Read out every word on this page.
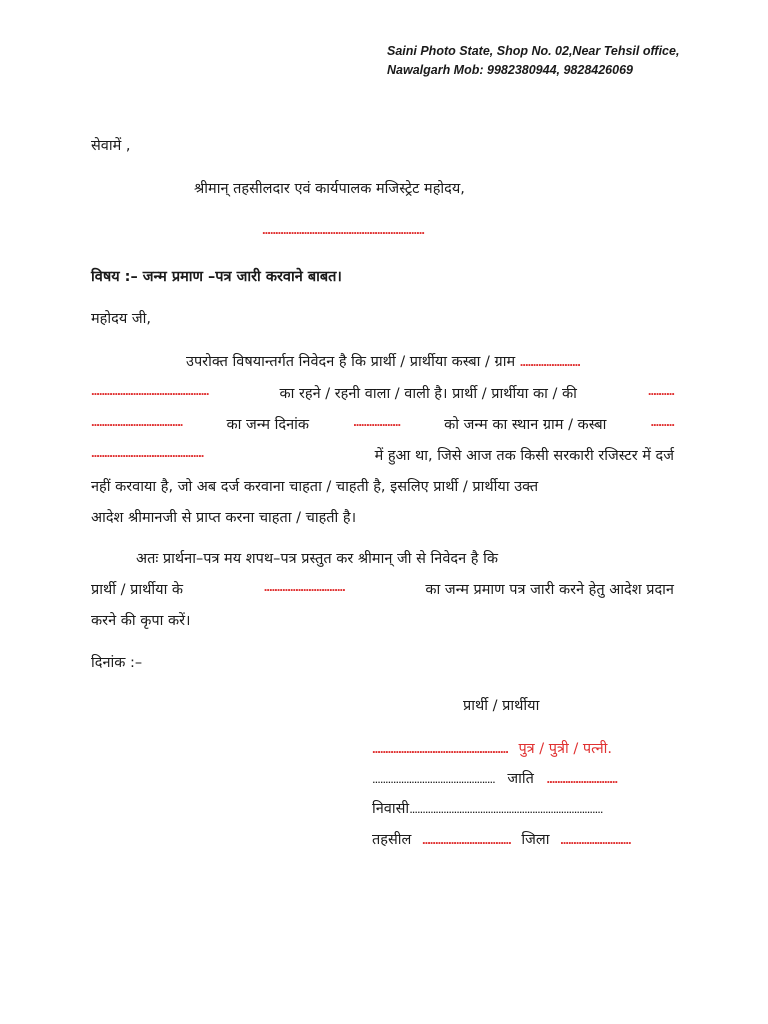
Saini Photo State, Shop No. 02,Near Tehsil office,
Nawalgarh Mob: 9982380944, 9828426069
सेवामें ,
श्रीमान् तहसीलदार एवं कार्यपालक मजिस्ट्रेट महोदय,
..............................................................
विषय :– जन्म प्रमाण –पत्र जारी करवाने बाबत।
महोदय जी,
उपरोक्त विषयान्तर्गत निवेदन है कि प्रार्थी / प्रार्थीया कस्बा / ग्राम .......................
.............................................	का रहने / रहनी वाला / वाली है। प्रार्थी / प्रार्थीया का / की	..........
...................................	का जन्म दिनांक	..................	को जन्म का स्थान ग्राम / कस्बा	.........
...........................................	में हुआ था, जिसे आज तक किसी सरकारी रजिस्टर में दर्ज
नहीं करवाया है, जो अब दर्ज करवाना चाहता / चाहती है, इसलिए प्रार्थी / प्रार्थीया उक्त
आदेश श्रीमानजी से प्राप्त करना चाहता / चाहती है।
अतः प्रार्थना–पत्र मय शपथ–पत्र प्रस्तुत कर श्रीमान् जी से निवेदन है कि
प्रार्थी / प्रार्थीया के	...............................	का जन्म प्रमाण पत्र जारी करने हेतु आदेश प्रदान
करने की कृपा करें।
दिनांक :–
प्रार्थी / प्रार्थीया
.................................................... पुत्र / पुत्री / पत्नी.
............................................... जाति ...........................
निवासी..........................................................................
तहसील .................................. जिला ...........................
